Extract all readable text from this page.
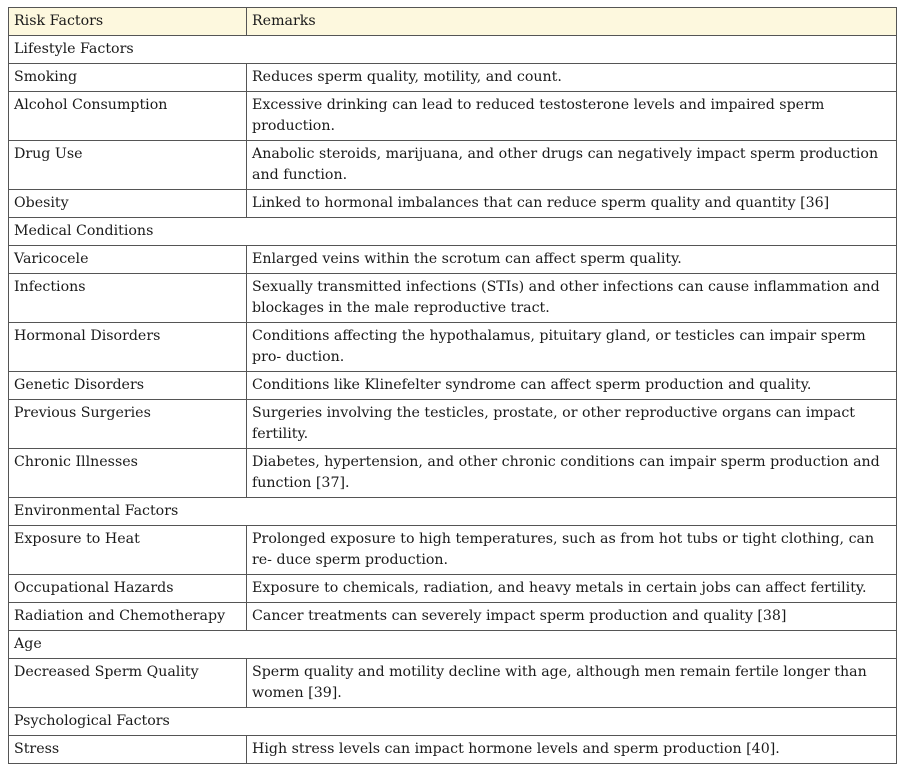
Risk Factors	Remarks
Lifestyle Factors	
Smoking	Reduces sperm quality, motility, and count.
Alcohol Consumption	Excessive drinking can lead to reduced testosterone levels and impaired sperm production.
Drug Use	Anabolic steroids, marijuana, and other drugs can negatively impact sperm production and function.
Obesity	Linked to hormonal imbalances that can reduce sperm quality and quantity [36]
Medical Conditions	
Varicocele	Enlarged veins within the scrotum can affect sperm quality.
Infections	Sexually transmitted infections (STIs) and other infections can cause inflammation and blockages in the male reproductive tract.
Hormonal Disorders	Conditions affecting the hypothalamus, pituitary gland, or testicles can impair sperm pro- duction.
Genetic Disorders	Conditions like Klinefelter syndrome can affect sperm production and quality.
Previous Surgeries	Surgeries involving the testicles, prostate, or other reproductive organs can impact fertility.
Chronic Illnesses	Diabetes, hypertension, and other chronic conditions can impair sperm production and function [37].
Environmental Factors	
Exposure to Heat	Prolonged exposure to high temperatures, such as from hot tubs or tight clothing, can re- duce sperm production.
Occupational Hazards	Exposure to chemicals, radiation, and heavy metals in certain jobs can affect fertility.
Radiation and Chemotherapy	Cancer treatments can severely impact sperm production and quality [38]
Age	
Decreased Sperm Quality	Sperm quality and motility decline with age, although men remain fertile longer than women [39].
Psychological Factors	
Stress	High stress levels can impact hormone levels and sperm production [40].
